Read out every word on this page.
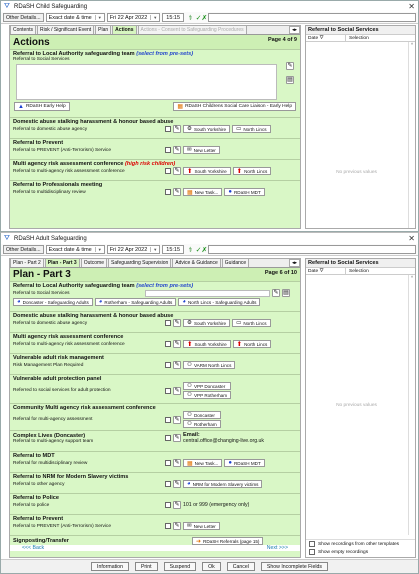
⛛ RDaSH Child Safeguarding	✕
Other Details...	Exact date & time	▼ Fri 22 Apr 2022	▼	15:15	⚕ ✓✗
Contents	Risk / Significant Event	Plan	Actions	Actions - Consent to Safeguarding Procedures	◂▸
Actions	Page 4 of 9
Referral to Local Authority safeguarding team (select from pre-sets)
Referral to Social Services
✎
▤
▲ RDaSH Early Help	▦ RDaSH Childrens Social Care Liaison - Early Help
Domestic abuse stalking harassment & honour based abuse
Referral to domestic abuse agency	✎ ⚙ South Yorkshire ▭ North Lincs
Referral to Prevent
Referral to PREVENT (Anti-Terrorism) Service	✎ ✉ New Letter
Multi agency risk assessment conference (high risk children)
Referral to multi-agency risk assessment conference	✎ ⬆ South Yorkshire ⬆ North Lincs
Referral to Professionals meeting
Referral to multidisciplinary review	✎ ▦ New Task... ● RDaSH MDT
Referral to Social Services
Date ⛛	Selection
No previous values
^
⛛ RDaSH Adult Safeguarding	✕
Other Details...	Exact date & time	▼ Fri 22 Apr 2022	▼	15:15	⚕ ✓✗
Plan - Part 2	Plan - Part 3	Outcome	Safeguarding Supervision	Advice & Guidance	Guidance	◂▸
Plan - Part 3	Page 6 of 10
Referral to Local Authority safeguarding team (select from pre-sets)
Referral to Social Services	✎ ▤
◕ Doncaster - Safeguarding Adults ◕ Rotherham - Safeguarding Adults ◕ North Lincs - Safeguarding Adults
Domestic abuse stalking harassment & honour based abuse
Referral to domestic abuse agency	✎ ⚙ South Yorkshire ▭ North Lincs
Multi agency risk assessment conference
Referral to multi-agency risk assessment conference	✎ ⬆ South Yorkshire ⬆ North Lincs
Vulnerable adult risk management
Risk Management Plan Required	✎ ⚇ VARM North Lincs
Vulnerable adult protection panel
Referred to social services for adult protection	✎
⚇ VPP Doncaster
⚇ VPP Rotherham
Community Multi agency risk assessment conference
Referral for multi-agency assessment	✎
⚇ Doncaster
⚇ Rotherham
Complex Lives (Doncaster)
Referral to multi-agency support team	✎ Email:
central.office@changing-live.org.uk
Referral to MDT
Referral for multidisciplinary review	✎ ▦ New Task... ● RDaSH MDT
Referral to NRM for Modern Slavery victims
Referral to other agency	✎ ◕ NRM for Modern Slavery victims
Referral to Police
Referral to police	✎ 101 or 999 (emergency only)
Referral to Prevent
Referral to PREVENT (Anti-Terrorism) Service	✎ ✉ New Letter
Signposting/Transfer	➜ RDaSH Referrals (page 15)
<<< Back	Next >>>
Referral to Social Services
Date ⛛	Selection
No previous values
^
Show recordings from other templates
Show empty recordings
Information	Print	Suspend	Ok	Cancel	Show Incomplete Fields
